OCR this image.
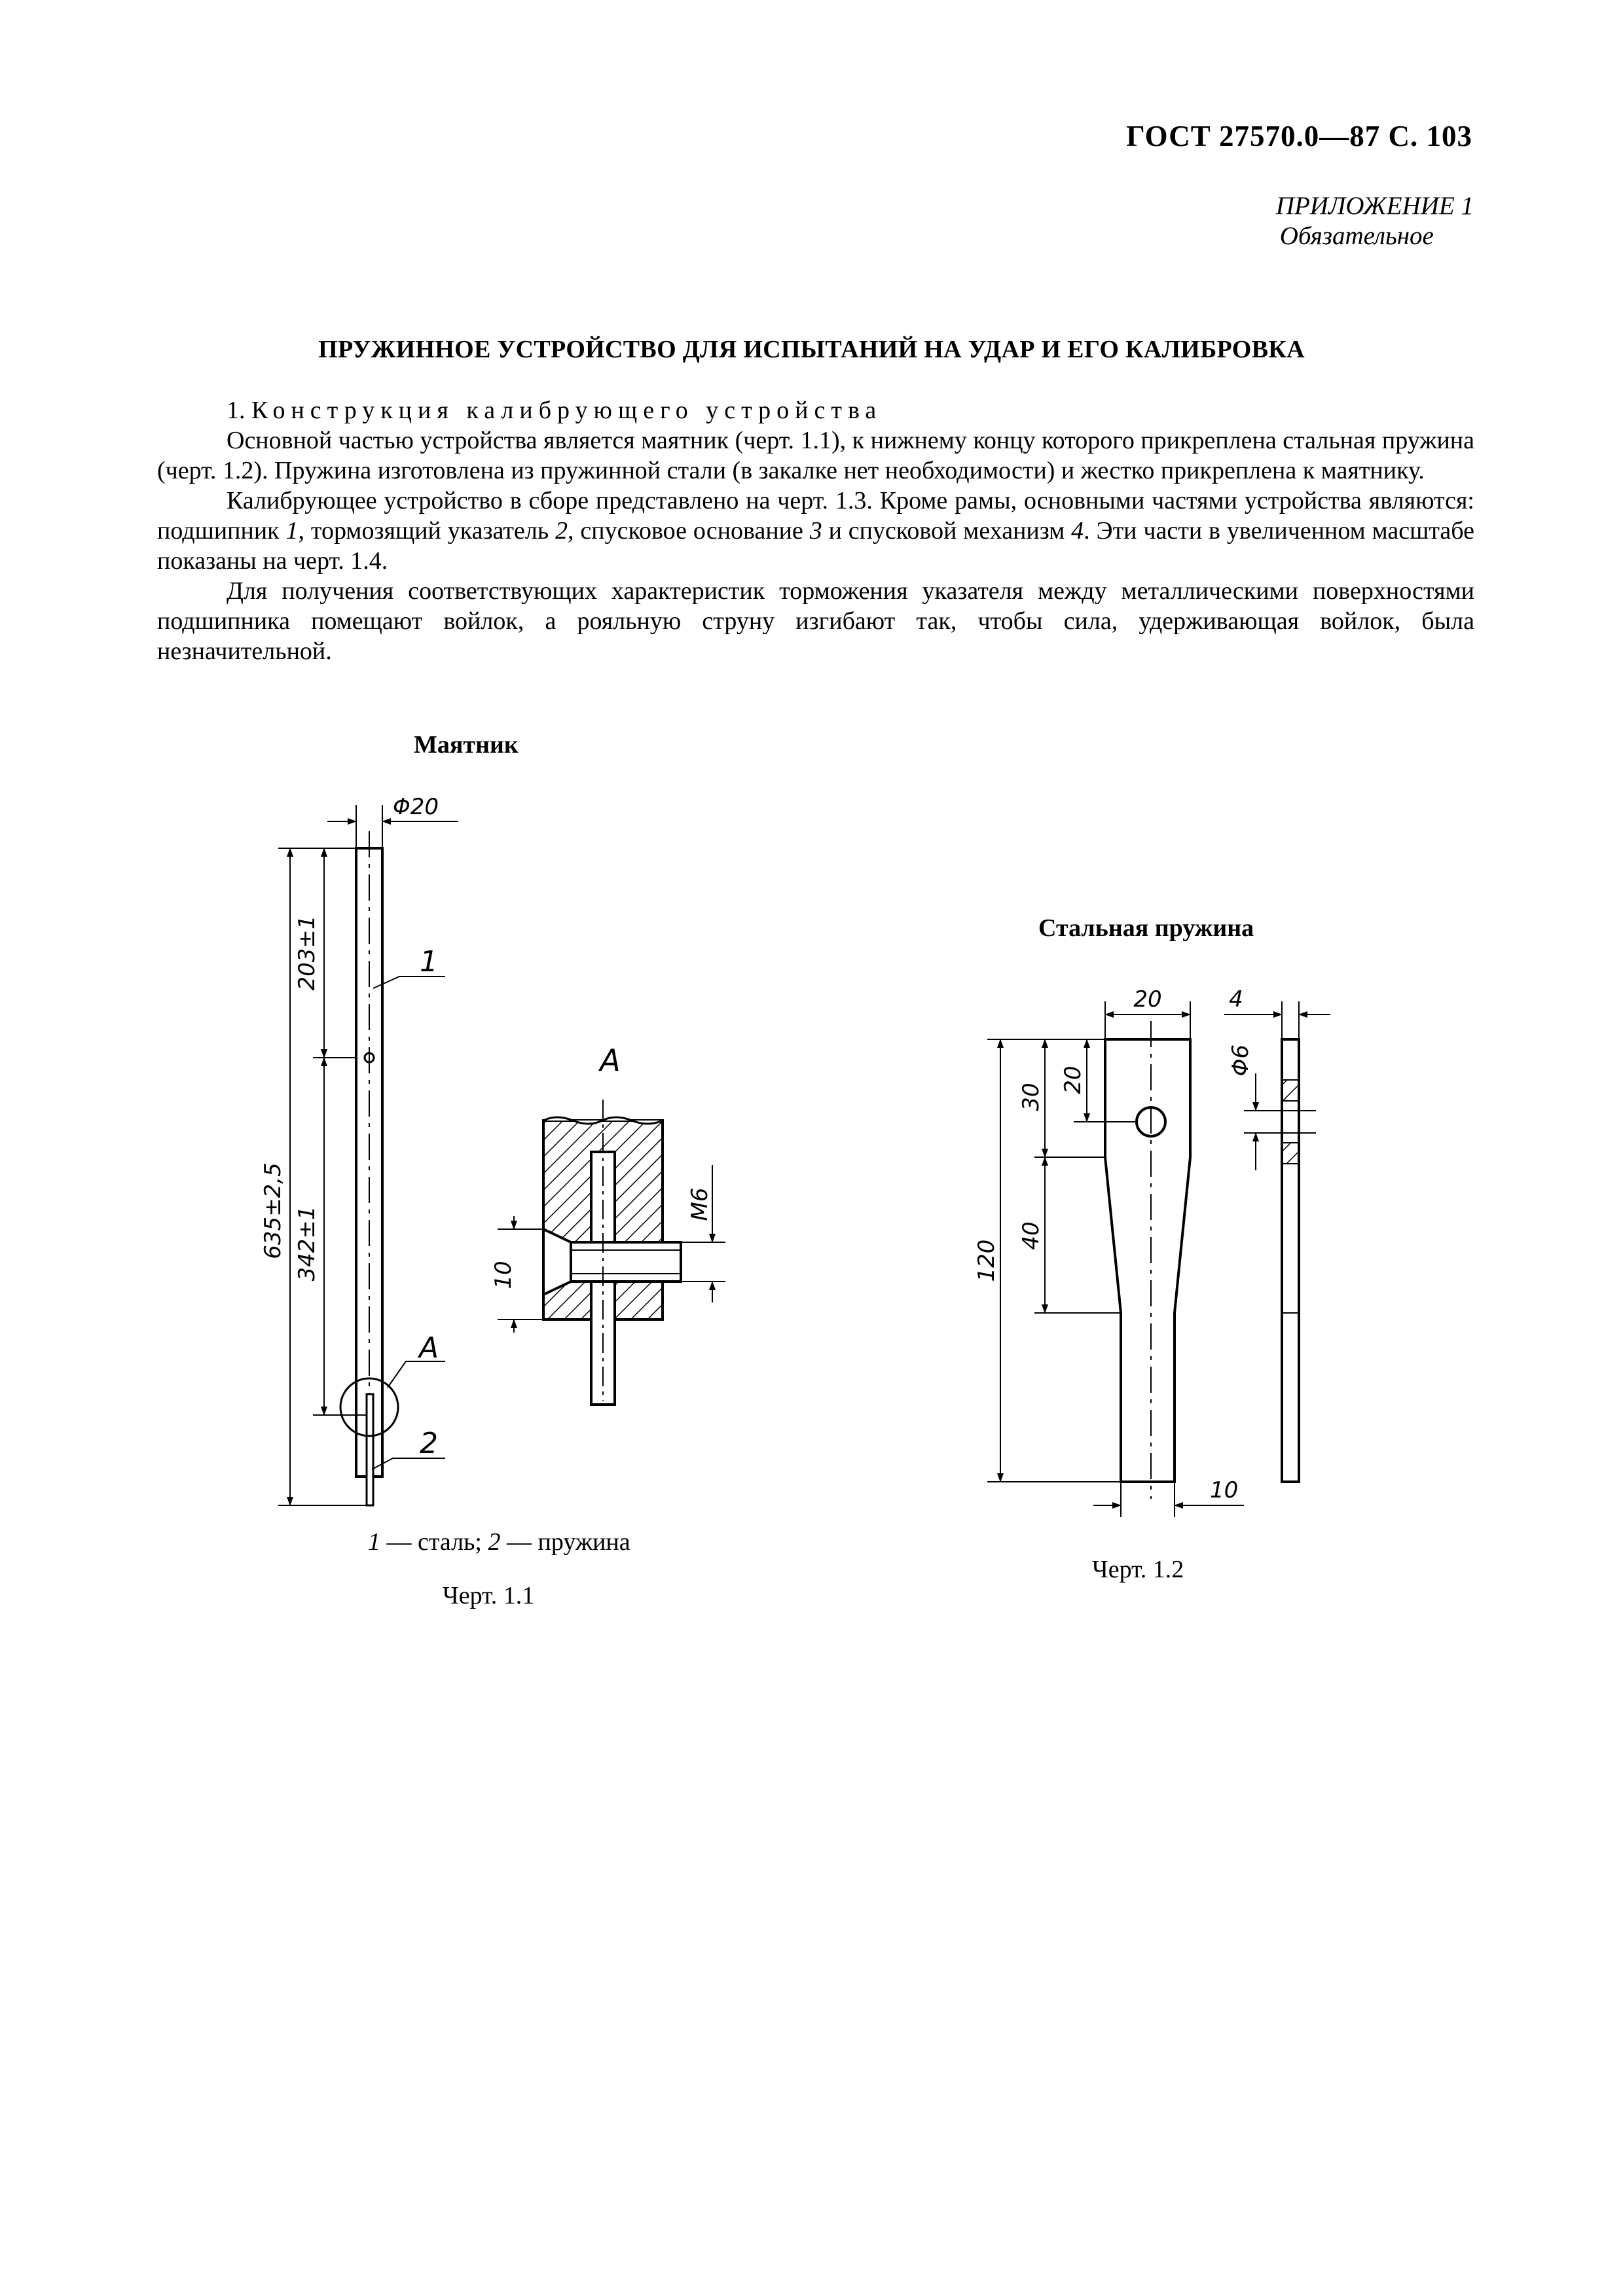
ГОСТ 27570.0—87 С. 103
ПРИЛОЖЕНИЕ 1
Обязательное
ПРУЖИННОЕ УСТРОЙСТВО ДЛЯ ИСПЫТАНИЙ НА УДАР И ЕГО КАЛИБРОВКА

1. Конструкция калибрующего устройства

Основной частью устройства является маятник (черт. 1.1), к нижнему концу которого прикреплена стальная пружина (черт. 1.2). Пружина изготовлена из пружинной стали (в закалке нет необходимости) и жестко прикреплена к маятнику.

Калибрующее устройство в сборе представлено на черт. 1.3. Кроме рамы, основными частями устройства являются: подшипник 1, тормозящий указатель 2, спусковое основание 3 и спусковой механизм 4. Эти части в увеличенном масштабе показаны на черт. 1.4.

Для получения соответствующих характеристик торможения указателя между металлическими поверхностями подшипника помещают войлок, а рояльную струну изгибают так, чтобы сила, удерживающая войлок, была незначительной.

Маятник
Стальная пружина
1
A
2
Φ20
203±1
635±2,5 342±1
A
10
M6
20	4
10
30
20
40
120
Φ6
1 — сталь; 2 — пружина
Черт. 1.1
Черт. 1.2
